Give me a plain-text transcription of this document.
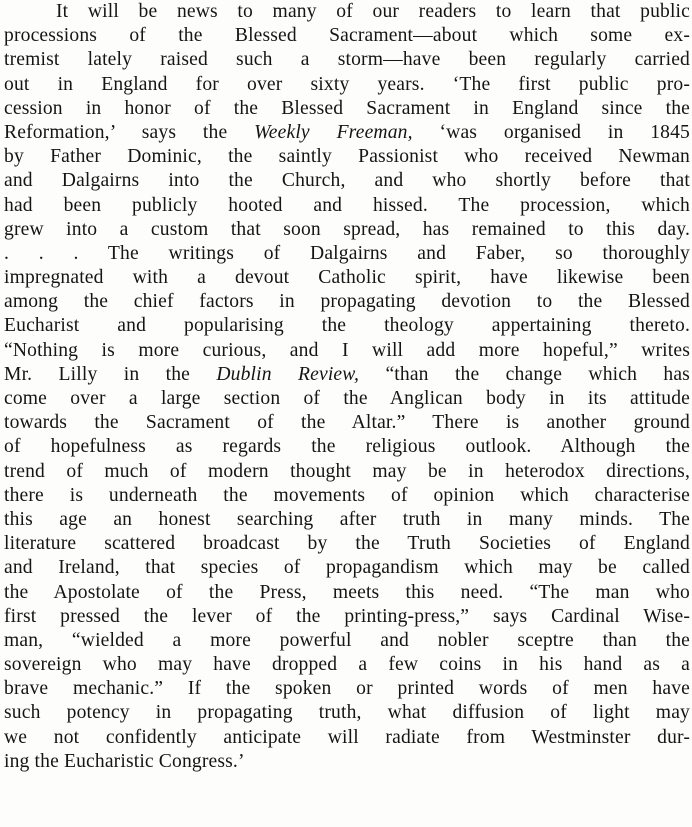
It will be news to many of our readers to learn that public
processions of the Blessed Sacrament—about which some ex-
tremist lately raised such a storm—have been regularly carried
out in England for over sixty years. ‘The first public pro-
cession in honor of the Blessed Sacrament in England since the
Reformation,’ says the Weekly Freeman, ‘was organised in 1845
by Father Dominic, the saintly Passionist who received Newman
and Dalgairns into the Church, and who shortly before that
had been publicly hooted and hissed. The procession, which
grew into a custom that soon spread, has remained to this day.
. . . The writings of Dalgairns and Faber, so thoroughly
impregnated with a devout Catholic spirit, have likewise been
among the chief factors in propagating devotion to the Blessed
Eucharist and popularising the theology appertaining thereto.
“Nothing is more curious, and I will add more hopeful,” writes
Mr. Lilly in the Dublin Review, “than the change which has
come over a large section of the Anglican body in its attitude
towards the Sacrament of the Altar.” There is another ground
of hopefulness as regards the religious outlook. Although the
trend of much of modern thought may be in heterodox directions,
there is underneath the movements of opinion which characterise
this age an honest searching after truth in many minds. The
literature scattered broadcast by the Truth Societies of England
and Ireland, that species of propagandism which may be called
the Apostolate of the Press, meets this need. “The man who
first pressed the lever of the printing-press,” says Cardinal Wise-
man, “wielded a more powerful and nobler sceptre than the
sovereign who may have dropped a few coins in his hand as a
brave mechanic.” If the spoken or printed words of men have
such potency in propagating truth, what diffusion of light may
we not confidently anticipate will radiate from Westminster dur-
ing the Eucharistic Congress.’
